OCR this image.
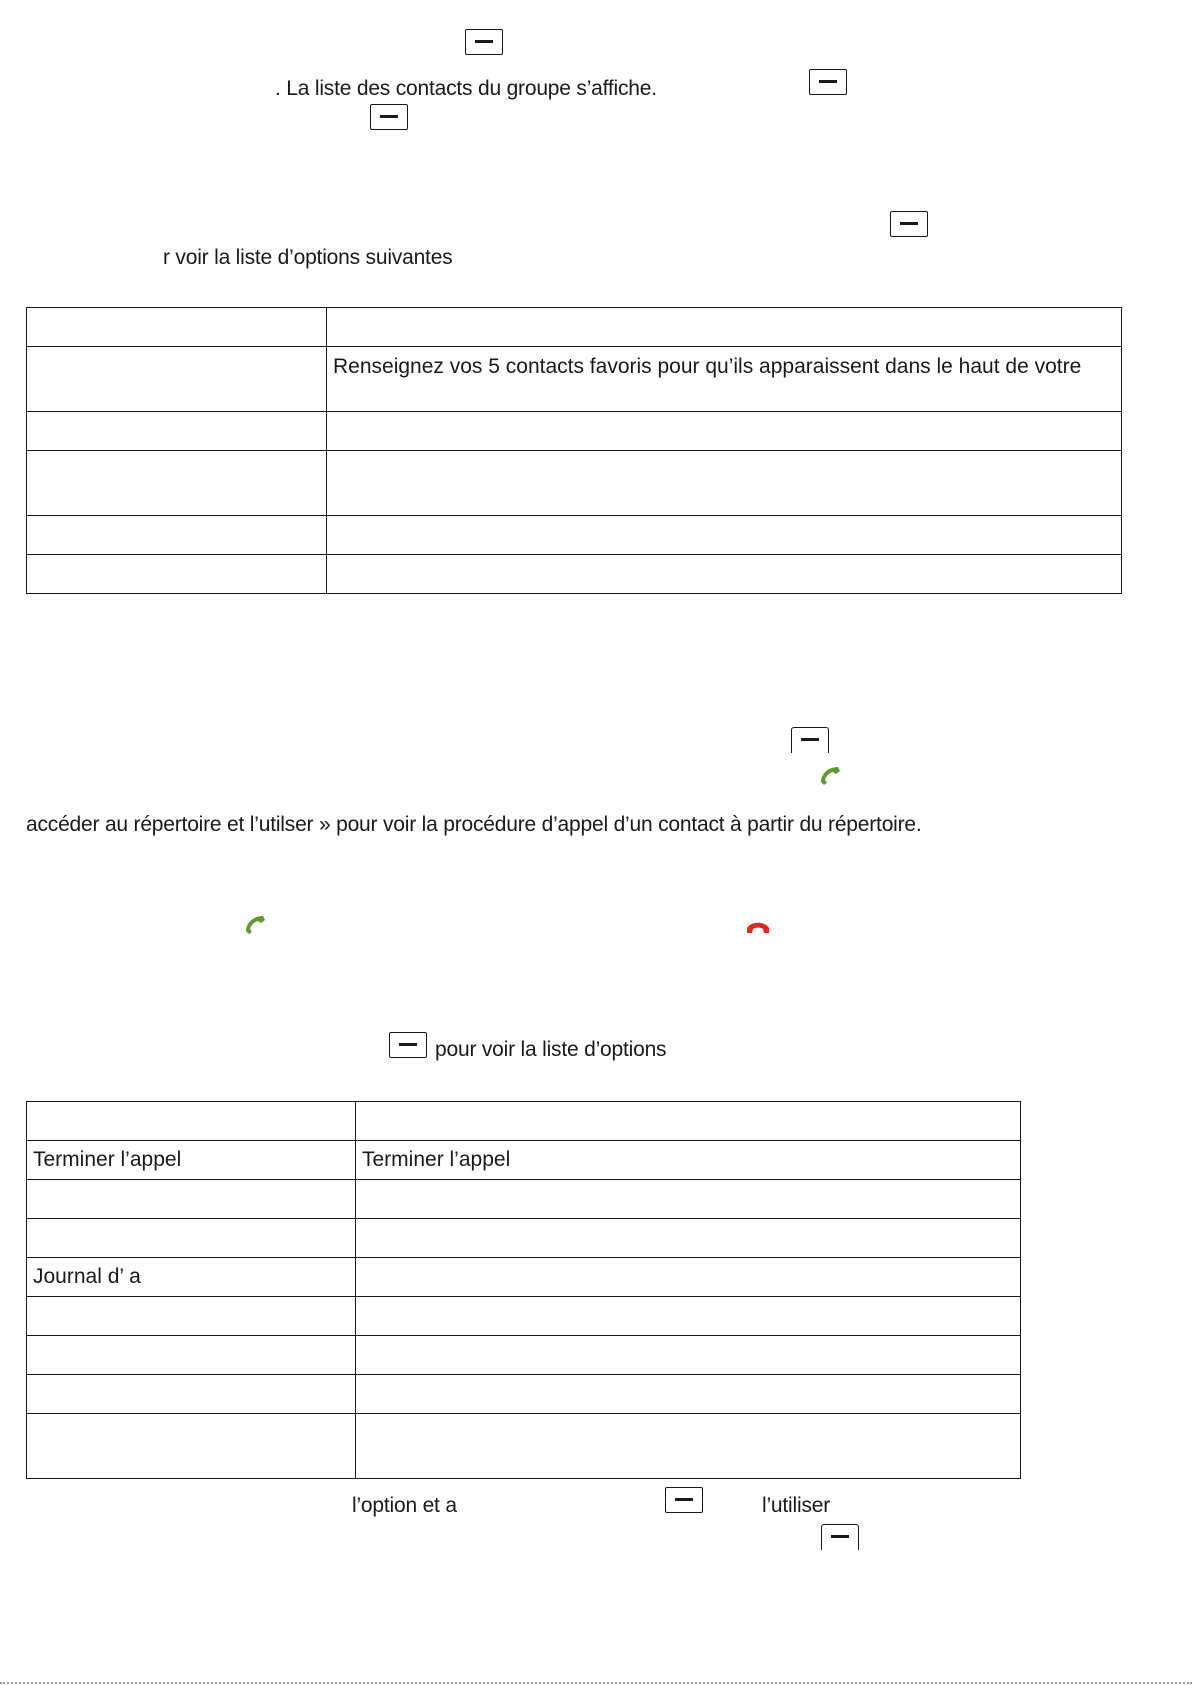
. La liste des contacts du groupe s’affiche.
r voir la liste d’options suivantes

	Renseignez vos 5 contacts favoris pour qu’ils apparaissent dans le haut de votre

accéder au répertoire et l’utilser » pour voir la procédure d’appel d’un contact à partir du répertoire.
pour voir la liste d’options

Terminer l’appel	Terminer l’appel

Journal d’ a	

l’option et a	l’utiliser
